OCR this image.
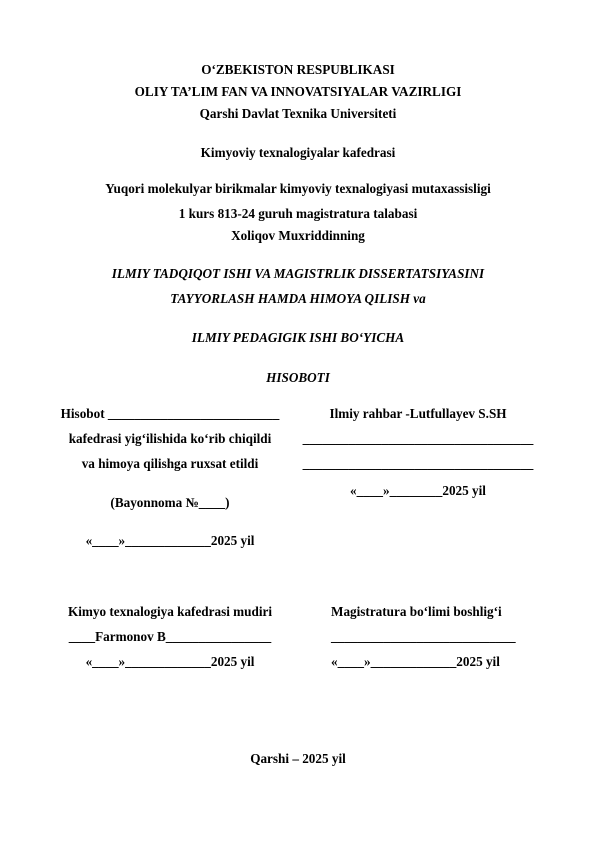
O‘ZBEKISTON RESPUBLIKASI
OLIY TA’LIM FAN VA INNOVATSIYALAR VAZIRLIGI
Qarshi Davlat Texnika Universiteti
Kimyoviy texnalogiyalar kafedrasi
Yuqori molekulyar birikmalar kimyoviy texnalogiyasi mutaxassisligi
1 kurs 813-24 guruh magistratura talabasi
Xoliqov Muxriddinning
ILMIY TADQIQOT ISHI VA MAGISTRLIK DISSERTATSIYASINI
TAYYORLASH HAMDA HIMOYA QILISH va
ILMIY PEDAGIGIK ISHI BO‘YICHA
HISOBOTI
Hisobot __________________________
kafedrasi yig‘ilishida ko‘rib chiqildi
va himoya qilishga ruxsat etildi
(Bayonnoma №____)
«____»_____________2025 yil
Ilmiy rahbar -Lutfullayev S.SH
___________________________________
___________________________________
«____»________2025 yil
Kimyo texnalogiya kafedrasi mudiri
____Farmonov B________________
«____»_____________2025 yil
Magistratura bo‘limi boshlig‘i
____________________________
«____»_____________2025 yil
Qarshi – 2025 yil
